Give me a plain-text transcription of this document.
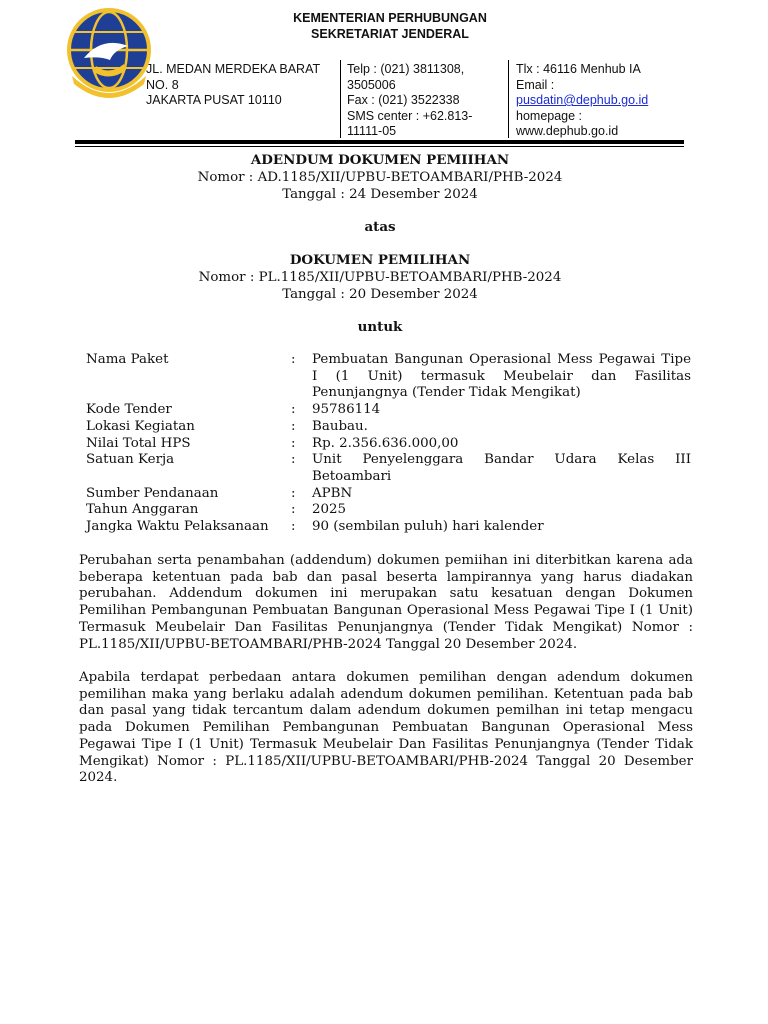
KEMENTERIAN PERHUBUNGAN
SEKRETARIAT JENDERAL
JL. MEDAN MERDEKA BARAT
NO. 8
JAKARTA PUSAT 10110
Telp : (021) 3811308,
3505006
Fax : (021) 3522338
SMS center : +62.813-
11111-05
Tlx : 46116 Menhub IA
Email :
pusdatin@dephub.go.id
homepage :
www.dephub.go.id
ADENDUM DOKUMEN PEMIIHAN
Nomor : AD.1185/XII/UPBU-BETOAMBARI/PHB-2024
Tanggal : 24 Desember 2024
atas
DOKUMEN PEMILIHAN
Nomor : PL.1185/XII/UPBU-BETOAMBARI/PHB-2024
Tanggal : 20 Desember 2024
untuk
Nama Paket	:	Pembuatan Bangunan Operasional Mess Pegawai Tipe I (1 Unit) termasuk Meubelair dan Fasilitas Penunjangnya (Tender Tidak Mengikat)
Kode Tender	:	95786114
Lokasi Kegiatan	:	Baubau.
Nilai Total HPS	:	Rp. 2.356.636.000,00
Satuan Kerja	:	Unit Penyelenggara Bandar Udara Kelas III Betoambari
Sumber Pendanaan	:	APBN
Tahun Anggaran	:	2025
Jangka Waktu Pelaksanaan	:	90 (sembilan puluh) hari kalender
Perubahan serta penambahan (addendum) dokumen pemiihan ini diterbitkan karena ada beberapa ketentuan pada bab dan pasal beserta lampirannya yang harus diadakan perubahan. Addendum dokumen ini merupakan satu kesatuan dengan Dokumen Pemilihan Pembangunan Pembuatan Bangunan Operasional Mess Pegawai Tipe I (1 Unit) Termasuk Meubelair Dan Fasilitas Penunjangnya (Tender Tidak Mengikat) Nomor : PL.1185/XII/UPBU-BETOAMBARI/PHB-2024 Tanggal 20 Desember 2024.
Apabila terdapat perbedaan antara dokumen pemilihan dengan adendum dokumen pemilihan maka yang berlaku adalah adendum dokumen pemilihan. Ketentuan pada bab dan pasal yang tidak tercantum dalam adendum dokumen pemilhan ini tetap mengacu pada Dokumen Pemilihan Pembangunan Pembuatan Bangunan Operasional Mess Pegawai Tipe I (1 Unit) Termasuk Meubelair Dan Fasilitas Penunjangnya (Tender Tidak Mengikat) Nomor : PL.1185/XII/UPBU-BETOAMBARI/PHB-2024 Tanggal 20 Desember 2024.
